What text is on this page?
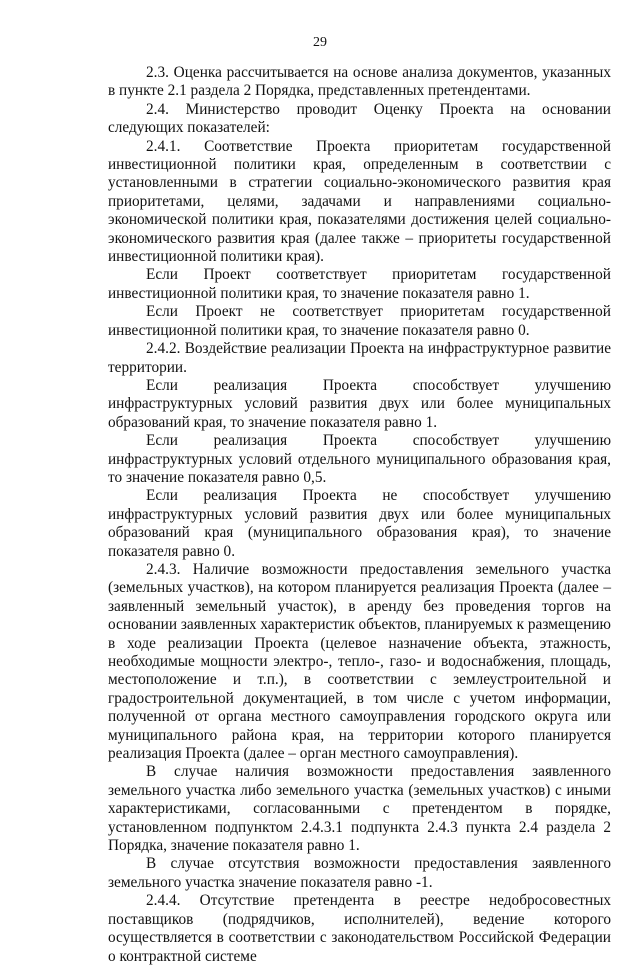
29

2.3. Оценка рассчитывается на основе анализа документов, указанных в пункте 2.1 раздела 2 Порядка, представленных претендентами.

2.4. Министерство проводит Оценку Проекта на основании следующих показателей:

2.4.1. Соответствие Проекта приоритетам государственной инвестиционной политики края, определенным в соответствии с установленными в стратегии социально-экономического развития края приоритетами, целями, задачами и направлениями социально-экономической политики края, показателями достижения целей социально-экономического развития края (далее также – приоритеты государственной инвестиционной политики края).

Если Проект соответствует приоритетам государственной инвестиционной политики края, то значение показателя равно 1.

Если Проект не соответствует приоритетам государственной инвестиционной политики края, то значение показателя равно 0.

2.4.2. Воздействие реализации Проекта на инфраструктурное развитие территории.

Если реализация Проекта способствует улучшению инфраструктурных условий развития двух или более муниципальных образований края, то значение показателя равно 1.

Если реализация Проекта способствует улучшению инфраструктурных условий отдельного муниципального образования края, то значение показателя равно 0,5.

Если реализация Проекта не способствует улучшению инфраструктурных условий развития двух или более муниципальных образований края (муниципального образования края), то значение показателя равно 0.

2.4.3. Наличие возможности предоставления земельного участка (земельных участков), на котором планируется реализация Проекта (далее – заявленный земельный участок), в аренду без проведения торгов на основании заявленных характеристик объектов, планируемых к размещению в ходе реализации Проекта (целевое назначение объекта, этажность, необходимые мощности электро-, тепло-, газо- и водоснабжения, площадь, местоположение и т.п.), в соответствии с землеустроительной и градостроительной документацией, в том числе с учетом информации, полученной от органа местного самоуправления городского округа или муниципального района края, на территории которого планируется реализация Проекта (далее – орган местного самоуправления).

В случае наличия возможности предоставления заявленного земельного участка либо земельного участка (земельных участков) с иными характеристиками, согласованными с претендентом в порядке, установленном подпунктом 2.4.3.1 подпункта 2.4.3 пункта 2.4 раздела 2 Порядка, значение показателя равно 1.

В случае отсутствия возможности предоставления заявленного земельного участка значение показателя равно -1.

2.4.4. Отсутствие претендента в реестре недобросовестных поставщиков (подрядчиков, исполнителей), ведение которого осуществляется в соответствии с законодательством Российской Федерации о контрактной системе
